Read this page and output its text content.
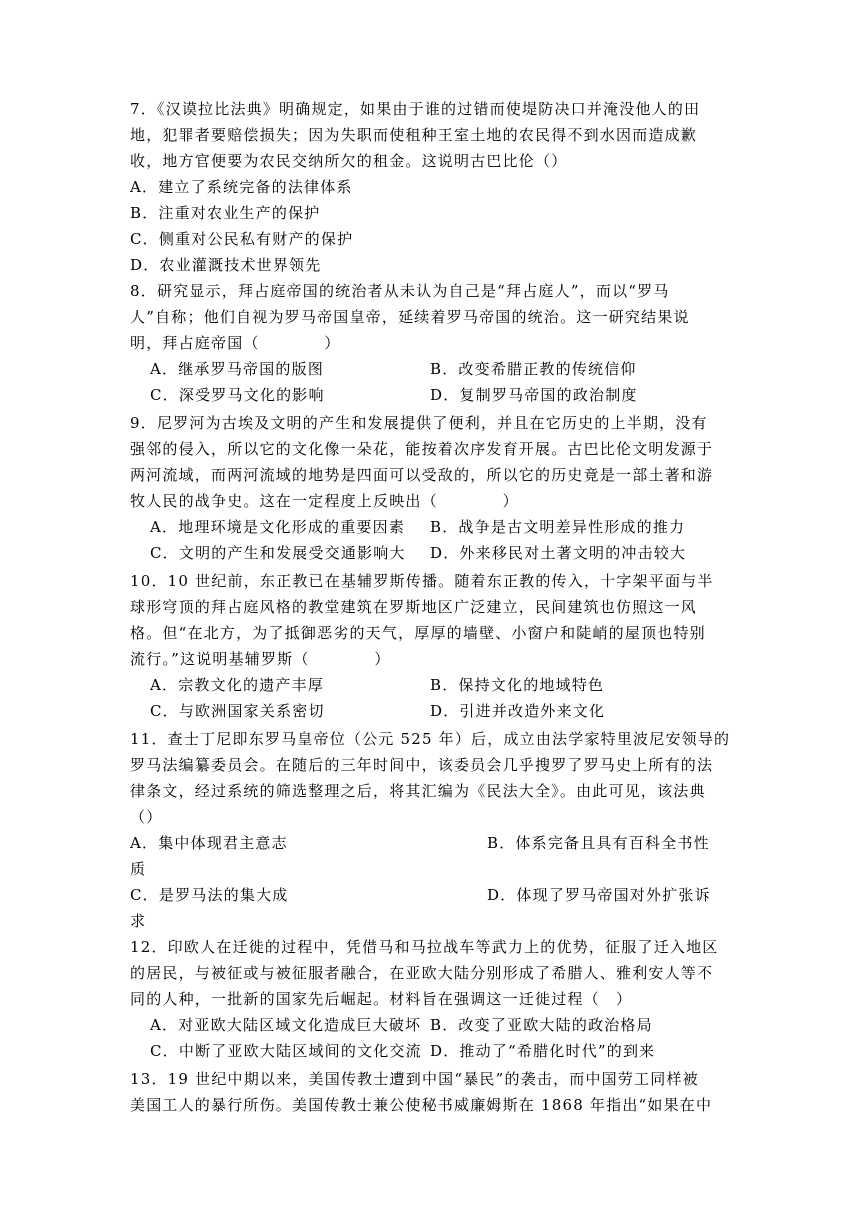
7．《汉谟拉比法典》明确规定，如果由于谁的过错而使堤防决口并淹没他人的田
地，犯罪者要赔偿损失；因为失职而使租种王室土地的农民得不到水因而造成歉
收，地方官便要为农民交纳所欠的租金。这说明古巴比伦（）
A．建立了系统完备的法律体系
B．注重对农业生产的保护
C．侧重对公民私有财产的保护
D．农业灌溉技术世界领先
8．研究显示，拜占庭帝国的统治者从未认为自己是“拜占庭人”，而以“罗马
人”自称；他们自视为罗马帝国皇帝，延续着罗马帝国的统治。这一研究结果说
明，拜占庭帝国（　　　　）
A．继承罗马帝国的版图	B．改变希腊正教的传统信仰
C．深受罗马文化的影响	D．复制罗马帝国的政治制度
9．尼罗河为古埃及文明的产生和发展提供了便利，并且在它历史的上半期，没有
强邻的侵入，所以它的文化像一朵花，能按着次序发育开展。古巴比伦文明发源于
两河流域，而两河流域的地势是四面可以受敌的，所以它的历史竟是一部土著和游
牧人民的战争史。这在一定程度上反映出（　　　　）
A．地理环境是文化形成的重要因素	B．战争是古文明差异性形成的推力
C．文明的产生和发展受交通影响大	D．外来移民对土著文明的冲击较大
10．10 世纪前，东正教已在基辅罗斯传播。随着东正教的传入，十字架平面与半
球形穹顶的拜占庭风格的教堂建筑在罗斯地区广泛建立，民间建筑也仿照这一风
格。但“在北方，为了抵御恶劣的天气，厚厚的墙壁、小窗户和陡峭的屋顶也特别
流行。”这说明基辅罗斯（　　　　）
A．宗教文化的遗产丰厚	B．保持文化的地域特色
C．与欧洲国家关系密切	D．引进并改造外来文化
11．查士丁尼即东罗马皇帝位（公元 525 年）后，成立由法学家特里波尼安领导的
罗马法编纂委员会。在随后的三年时间中，该委员会几乎搜罗了罗马史上所有的法
律条文，经过系统的筛选整理之后，将其汇编为《民法大全》。由此可见，该法典
（）
A．集中体现君主意志	B．体系完备且具有百科全书性
质
C．是罗马法的集大成	D．体现了罗马帝国对外扩张诉
求
12．印欧人在迁徙的过程中，凭借马和马拉战车等武力上的优势，征服了迁入地区
的居民，与被征或与被征服者融合，在亚欧大陆分别形成了希腊人、雅利安人等不
同的人种，一批新的国家先后崛起。材料旨在强调这一迁徙过程（　）
A．对亚欧大陆区域文化造成巨大破坏 B．改变了亚欧大陆的政治格局
C．中断了亚欧大陆区域间的文化交流 D．推动了“希腊化时代”的到来
13．19 世纪中期以来，美国传教士遭到中国“暴民”的袭击，而中国劳工同样被
美国工人的暴行所伤。美国传教士兼公使秘书威廉姆斯在 1868 年指出“如果在中
